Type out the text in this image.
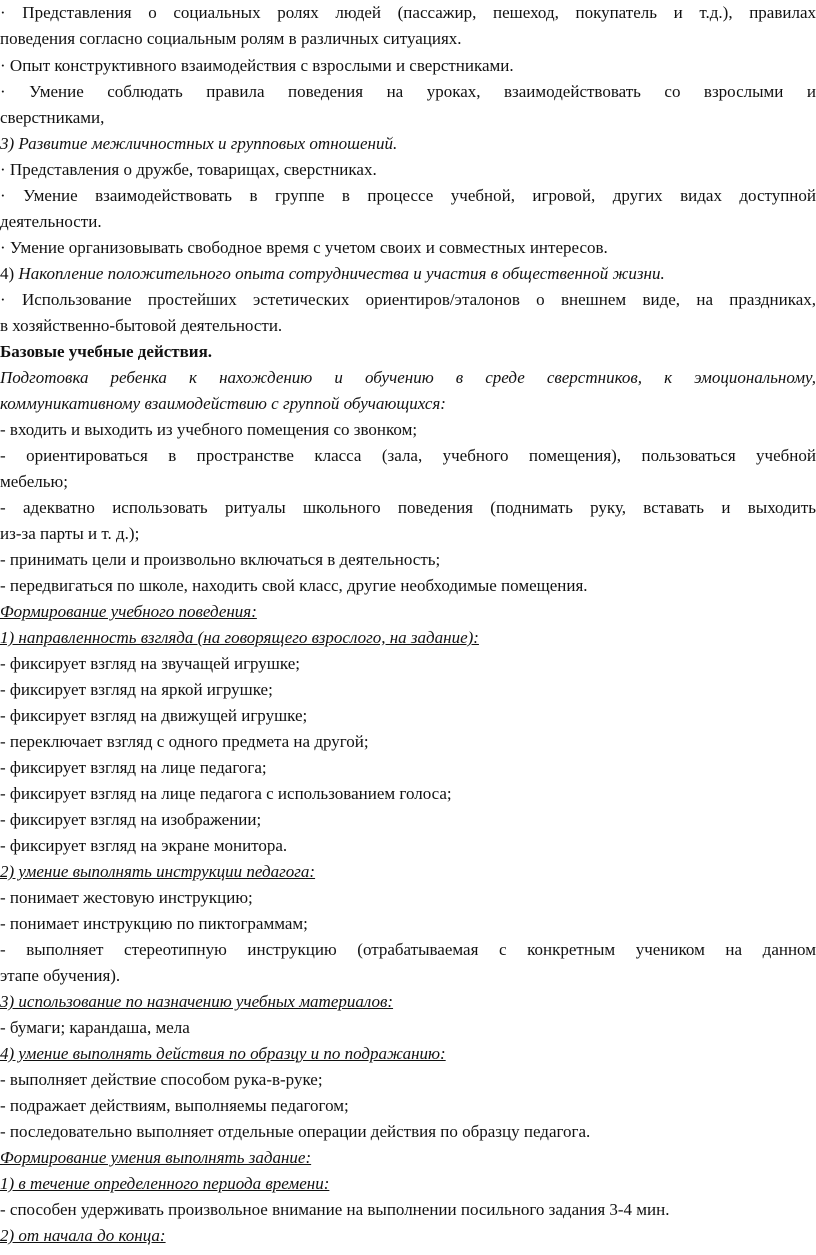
· Представления о социальных ролях людей (пассажир, пешеход, покупатель и т.д.), правилах
поведения согласно социальным ролям в различных ситуациях.
· Опыт конструктивного взаимодействия с взрослыми и сверстниками.
· Умение соблюдать правила поведения на уроках, взаимодействовать со взрослыми и
сверстниками,
3) Развитие межличностных и групповых отношений.
· Представления о дружбе, товарищах, сверстниках.
· Умение взаимодействовать в группе в процессе учебной, игровой, других видах доступной
деятельности.
· Умение организовывать свободное время с учетом своих и совместных интересов.
4) Накопление положительного опыта сотрудничества и участия в общественной жизни.
· Использование простейших эстетических ориентиров/эталонов о внешнем виде, на праздниках,
в хозяйственно-бытовой деятельности.
Базовые учебные действия.
Подготовка ребенка к нахождению и обучению в среде сверстников, к эмоциональному,
коммуникативному взаимодействию с группой обучающихся:
- входить и выходить из учебного помещения со звонком;
- ориентироваться в пространстве класса (зала, учебного помещения), пользоваться учебной
мебелью;
- адекватно использовать ритуалы школьного поведения (поднимать руку, вставать и выходить
из-за парты и т. д.);
- принимать цели и произвольно включаться в деятельность;
- передвигаться по школе, находить свой класс, другие необходимые помещения.
Формирование учебного поведения:
1) направленность взгляда (на говорящего взрослого, на задание):
- фиксирует взгляд на звучащей игрушке;
- фиксирует взгляд на яркой игрушке;
- фиксирует взгляд на движущей игрушке;
- переключает взгляд с одного предмета на другой;
- фиксирует взгляд на лице педагога;
- фиксирует взгляд на лице педагога с использованием голоса;
- фиксирует взгляд на изображении;
- фиксирует взгляд на экране монитора.
2) умение выполнять инструкции педагога:
- понимает жестовую инструкцию;
- понимает инструкцию по пиктограммам;
- выполняет стереотипную инструкцию (отрабатываемая с конкретным учеником на данном
этапе обучения).
3) использование по назначению учебных материалов:
- бумаги; карандаша, мела
4) умение выполнять действия по образцу и по подражанию:
- выполняет действие способом рука-в-руке;
- подражает действиям, выполняемы педагогом;
- последовательно выполняет отдельные операции действия по образцу педагога.
Формирование умения выполнять задание:
1) в течение определенного периода времени:
- способен удерживать произвольное внимание на выполнении посильного задания 3-4 мин.
2) от начала до конца:
